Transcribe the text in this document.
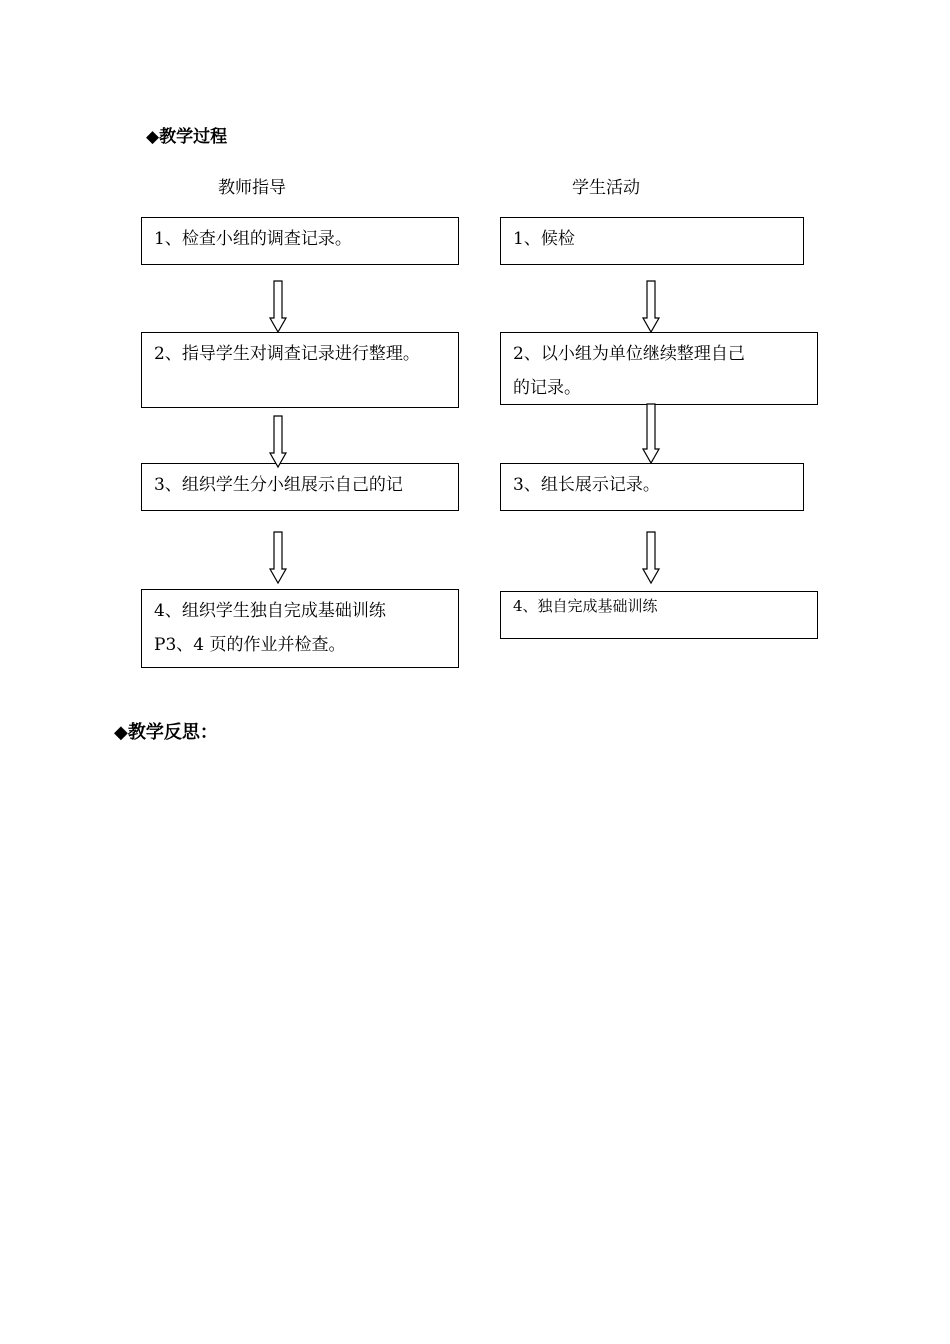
◆教学过程
教师指导	学生活动
1、检查小组的调查记录。
2、指导学生对调查记录进行整理。
3、组织学生分小组展示自己的记
4、组织学生独自完成基础训练
P3、4 页的作业并检查。
1、候检
2、以小组为单位继续整理自己
的记录。
3、组长展示记录。
4、独自完成基础训练
◆教学反思：
